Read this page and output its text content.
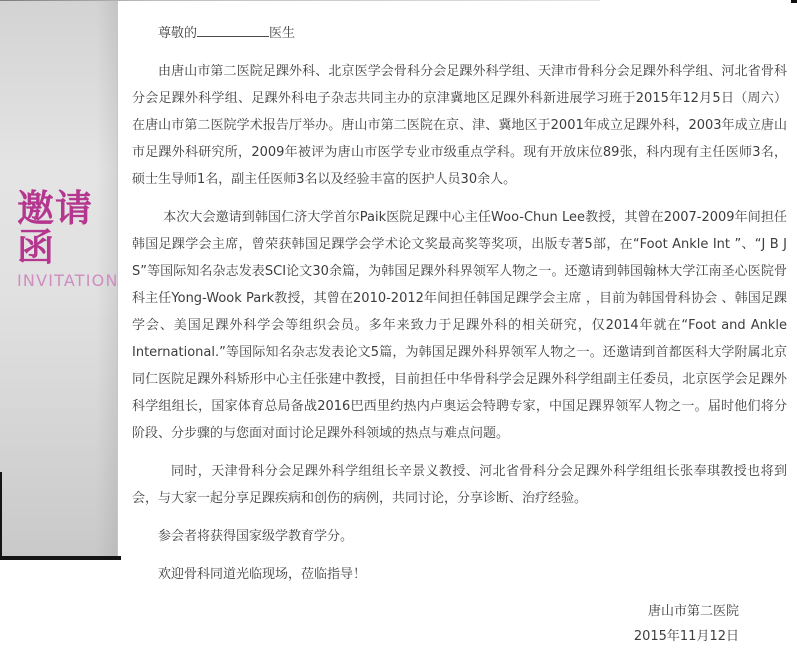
邀请函
INVITATION

尊敬的	医生

由唐山市第二医院足踝外科、北京医学会骨科分会足踝外科学组、天津市骨科分会足踝外科学组、河北省骨科分会足踝外科学组、足踝外科电子杂志共同主办的京津冀地区足踝外科新进展学习班于2015年12月5日（周六）在唐山市第二医院学术报告厅举办。唐山市第二医院在京、津、冀地区于2001年成立足踝外科，2003年成立唐山市足踝外科研究所，2009年被评为唐山市医学专业市级重点学科。现有开放床位89张，科内现有主任医师3名，硕士生导师1名，副主任医师3名以及经验丰富的医护人员30余人。

本次大会邀请到韩国仁济大学首尔Paik医院足踝中心主任Woo-Chun Lee教授，其曾在2007-2009年间担任韩国足踝学会主席，曾荣获韩国足踝学会学术论文奖最高奖等奖项，出版专著5部，在“Foot Ankle Int ”、“J B J S”等国际知名杂志发表SCI论文30余篇，为韩国足踝外科界领军人物之一。还邀请到韩国翰林大学江南圣心医院骨科主任Yong-Wook Park教授，其曾在2010-2012年间担任韩国足踝学会主席 ，目前为韩国骨科协会 、韩国足踝学会、美国足踝外科学会等组织会员。多年来致力于足踝外科的相关研究，仅2014年就在“Foot and Ankle International.”等国际知名杂志发表论文5篇，为韩国足踝外科界领军人物之一。还邀请到首都医科大学附属北京同仁医院足踝外科矫形中心主任张建中教授，目前担任中华骨科学会足踝外科学组副主任委员，北京医学会足踝外科学组组长，国家体育总局备战2016巴西里约热内卢奥运会特聘专家，中国足踝界领军人物之一。届时他们将分阶段、分步骤的与您面对面讨论足踝外科领域的热点与难点问题。

同时，天津骨科分会足踝外科学组组长辛景义教授、河北省骨科分会足踝外科学组组长张奉琪教授也将到会，与大家一起分享足踝疾病和创伤的病例，共同讨论，分享诊断、治疗经验。

参会者将获得国家级学教育学分。

欢迎骨科同道光临现场，莅临指导！

唐山市第二医院
2015年11月12日
